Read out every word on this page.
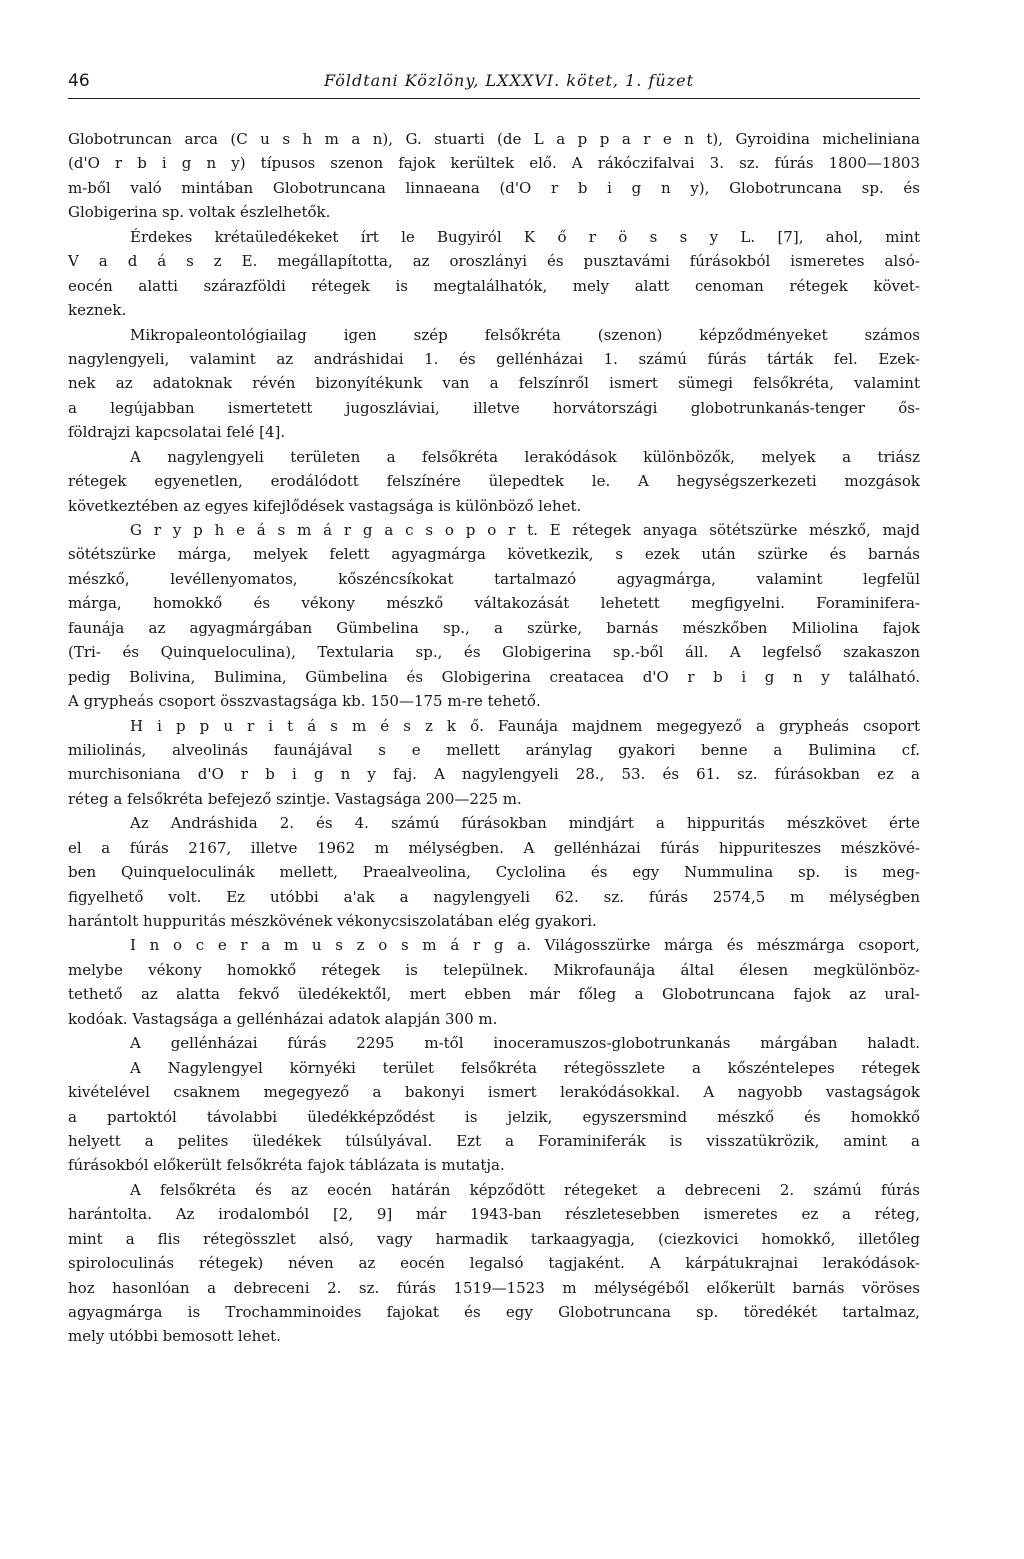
46	Földtani Közlöny, LXXXVI. kötet, 1. füzet
Globotruncan arca (C u s h m a n), G. stuarti (de L a p p a r e n t), Gyroidina micheliniana
(d'O r b i g n y) típusos szenon fajok kerültek elő. A rákóczifalvai 3. sz. fúrás 1800—1803
m-ből való mintában Globotruncana linnaeana (d'O r b i g n y), Globotruncana sp. és
Globigerina sp. voltak észlelhetők.
Érdekes krétaüledékeket írt le Bugyiról K ő r ö s s y L. [7], ahol, mint
V a d á s z E. megállapította, az oroszlányi és pusztavámi fúrásokból ismeretes alsó-
eocén alatti szárazföldi rétegek is megtalálhatók, mely alatt cenoman rétegek követ-
keznek.
Mikropaleontológiailag igen szép felsőkréta (szenon) képződményeket számos
nagylengyeli, valamint az andráshidai 1. és gellénházai 1. számú fúrás tárták fel. Ezek-
nek az adatoknak révén bizonyítékunk van a felszínről ismert sümegi felsőkréta, valamint
a legújabban ismertetett jugoszláviai, illetve horvátországi globotrunkanás-tenger ős-
földrajzi kapcsolatai felé [4].
A nagylengyeli területen a felsőkréta lerakódások különbözők, melyek a triász
rétegek egyenetlen, erodálódott felszínére ülepedtek le. A hegységszerkezeti mozgások
következtében az egyes kifejlődések vastagsága is különböző lehet.
G r y p h e á s m á r g a c s o p o r t. E rétegek anyaga sötétszürke mészkő, majd
sötétszürke márga, melyek felett agyagmárga következik, s ezek után szürke és barnás
mészkő, levéllenyomatos, kőszéncsíkokat tartalmazó agyagmárga, valamint legfelül
márga, homokkő és vékony mészkő váltakozását lehetett megfigyelni. Foraminifera-
faunája az agyagmárgában Gümbelina sp., a szürke, barnás mészkőben Miliolina fajok
(Tri- és Quinqueloculina), Textularia sp., és Globigerina sp.-ből áll. A legfelső szakaszon
pedig Bolivina, Bulimina, Gümbelina és Globigerina creatacea d'O r b i g n y található.
A grypheás csoport összvastagsága kb. 150—175 m-re tehető.
H i p p u r i t á s m é s z k ő. Faunája majdnem megegyező a grypheás csoport
miliolinás, alveolinás faunájával s e mellett aránylag gyakori benne a Bulimina cf.
murchisoniana d'O r b i g n y faj. A nagylengyeli 28., 53. és 61. sz. fúrásokban ez a
réteg a felsőkréta befejező szintje. Vastagsága 200—225 m.
Az Andráshida 2. és 4. számú fúrásokban mindjárt a hippuritás mészkövet érte
el a fúrás 2167, illetve 1962 m mélységben. A gellénházai fúrás hippuriteszes mészkövé-
ben Quinqueloculinák mellett, Praealveolina, Cyclolina és egy Nummulina sp. is meg-
figyelhető volt. Ez utóbbi a'ak a nagylengyeli 62. sz. fúrás 2574,5 m mélységben
harántolt huppuritás mészkövének vékonycsiszolatában elég gyakori.
I n o c e r a m u s z o s m á r g a. Világosszürke márga és mészmárga csoport,
melybe vékony homokkő rétegek is települnek. Mikrofaunája által élesen megkülönböz-
tethető az alatta fekvő üledékektől, mert ebben már főleg a Globotruncana fajok az ural-
kodóak. Vastagsága a gellénházai adatok alapján 300 m.
A gellénházai fúrás 2295 m-től inoceramuszos-globotrunkanás márgában haladt.
A Nagylengyel környéki terület felsőkréta rétegösszlete a kőszéntelepes rétegek
kivételével csaknem megegyező a bakonyi ismert lerakódásokkal. A nagyobb vastagságok
a partoktól távolabbi üledékképződést is jelzik, egyszersmind mészkő és homokkő
helyett a pelites üledékek túlsúlyával. Ezt a Foraminiferák is visszatükrözik, amint a
fúrásokból előkerült felsőkréta fajok táblázata is mutatja.
A felsőkréta és az eocén határán képződött rétegeket a debreceni 2. számú fúrás
harántolta. Az irodalomból [2, 9] már 1943-ban részletesebben ismeretes ez a réteg,
mint a flis rétegösszlet alsó, vagy harmadik tarkaagyagja, (ciezkovici homokkő, illetőleg
spiroloculinás rétegek) néven az eocén legalsó tagjaként. A kárpátukrajnai lerakódások-
hoz hasonlóan a debreceni 2. sz. fúrás 1519—1523 m mélységéből előkerült barnás vöröses
agyagmárga is Trochamminoides fajokat és egy Globotruncana sp. töredékét tartalmaz,
mely utóbbi bemosott lehet.
